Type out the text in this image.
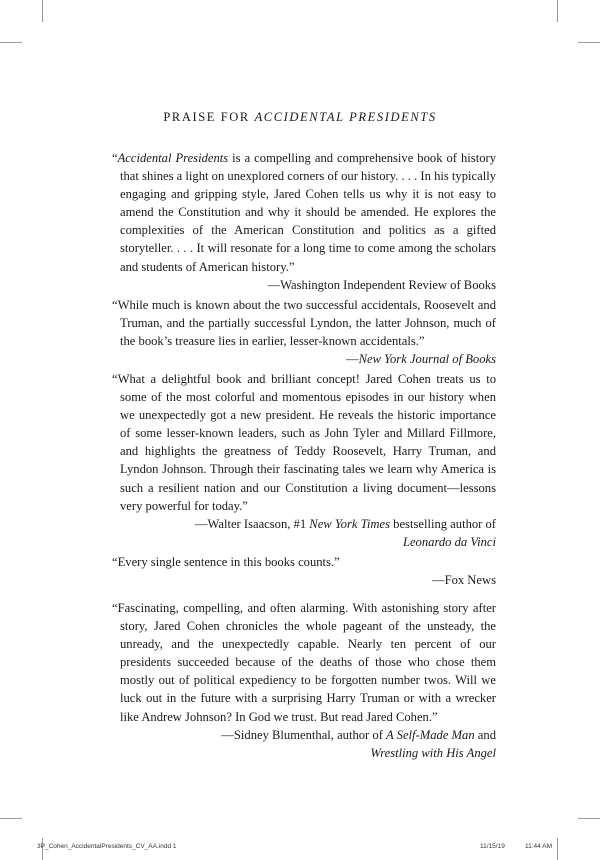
PRAISE FOR ACCIDENTAL PRESIDENTS
“Accidental Presidents is a compelling and comprehensive book of history that shines a light on unexplored corners of our history. . . . In his typically engaging and gripping style, Jared Cohen tells us why it is not easy to amend the Constitution and why it should be amended. He explores the complexities of the American Constitution and politics as a gifted storyteller. . . . It will resonate for a long time to come among the scholars and students of American history.”
—Washington Independent Review of Books
“While much is known about the two successful accidentals, Roosevelt and Truman, and the partially successful Lyndon, the latter Johnson, much of the book’s treasure lies in earlier, lesser-known accidentals.”
—New York Journal of Books
“What a delightful book and brilliant concept! Jared Cohen treats us to some of the most colorful and momentous episodes in our history when we unexpectedly got a new president. He reveals the historic importance of some lesser-known leaders, such as John Tyler and Millard Fillmore, and highlights the greatness of Teddy Roosevelt, Harry Truman, and Lyndon Johnson. Through their fascinating tales we learn why America is such a resilient nation and our Constitution a living document—lessons very powerful for today.”
—Walter Isaacson, #1 New York Times bestselling author of
Leonardo da Vinci
“Every single sentence in this books counts.”
—Fox News
“Fascinating, compelling, and often alarming. With astonishing story after story, Jared Cohen chronicles the whole pageant of the unsteady, the unready, and the unexpectedly capable. Nearly ten percent of our presidents succeeded because of the deaths of those who chose them mostly out of political expediency to be forgotten number twos. Will we luck out in the future with a surprising Harry Truman or with a wrecker like Andrew Johnson? In God we trust. But read Jared Cohen.”
—Sidney Blumenthal, author of A Self-Made Man and
Wrestling with His Angel
3P_Cohen_AccidentalPresidents_CV_AA.indd 1	11/15/19	11:44 AM
